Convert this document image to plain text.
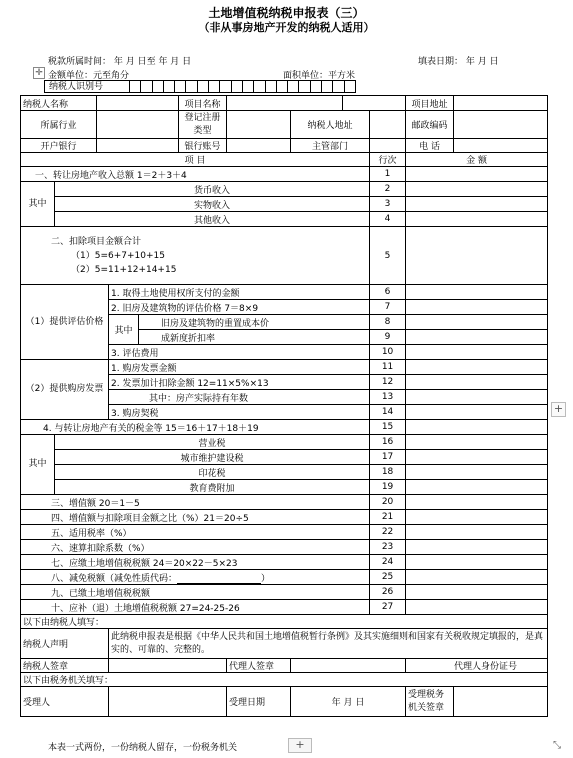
土地增值税纳税申报表（三）
（非从事房地产开发的纳税人适用）
税款所属时间： 年 月 日至 年 月 日	填表日期： 年 月 日
✛ 金额单位：元至角分	面积单位：平方米
纳税人识别号
纳税人名称					项目名称					项目地址	
所属行业					登记注册类型		纳税人地址			邮政编码	
开户银行					银行账号		主管部门			电 话	
项 目									行次	金 额	
一、转让房地产收入总额 1＝2＋3＋4									1		
其中	货币收入								2		
	实物收入								3		
	其他收入								4		

二、扣除项目金额合计
（1）5=6+7+10+15
（2）5=11+12+14+15									5		
（1）提供评估价格			1. 取得土地使用权所支付的金额						6		
			2. 旧房及建筑物的评估价格 7＝8×9						7		
			其中	旧房及建筑物的重置成本价					8		
				成新度折扣率					9		
			3. 评估费用						10		
（2）提供购房发票			1. 购房发票金额						11		
			2. 发票加计扣除金额 12=11×5%×13						12		
			其中：房产实际持有年数						13		
			3. 购房契税						14		
4. 与转让房地产有关的税金等 15＝16＋17＋18＋19									15		
其中	营业税								16		
	城市维护建设税								17		
	印花税								18		
	教育费附加								19		
三、增值额 20＝1－5									20		
四、增值额与扣除项目金额之比（%）21＝20÷5									21		
五、适用税率（%）									22		
六、速算扣除系数（%）									23		
七、应缴土地增值税税额 24＝20×22－5×23									24		
八、减免税额（减免性质代码： ）									25		
九、已缴土地增值税税额									26		
十、应补（退）土地增值税税额 27=24-25-26									27		
以下由纳税人填写：											
纳税人声明			此纳税申报表是根据《中华人民共和国土地增值税暂行条例》及其实施细则和国家有关税收规定填报的，是真实的、可靠的、完整的。								
纳税人签章						代理人签章				代理人身份证号	
以下由税务机关填写：											
受理人						受理日期	年 月 日			受理税务机关签章	
本表一式两份，一份纳税人留存，一份税务机关	+
+
⤡
